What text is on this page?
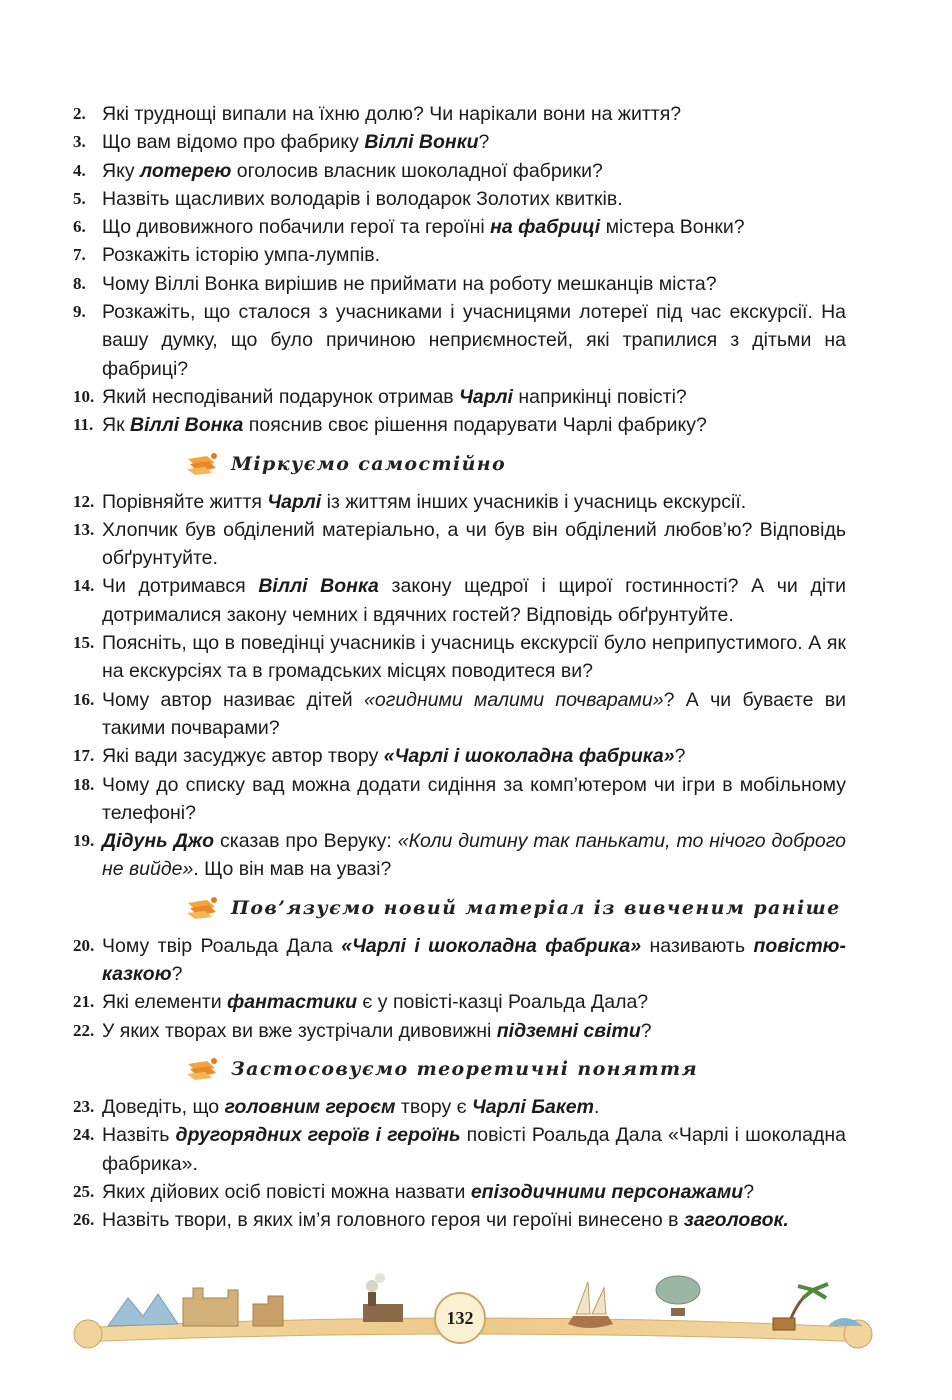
2. Які труднощі випали на їхню долю? Чи нарікали вони на життя?
3. Що вам відомо про фабрику Віллі Вонки?
4. Яку лотерею оголосив власник шоколадної фабрики?
5. Назвіть щасливих володарів і володарок Золотих квитків.
6. Що дивовижного побачили герої та героїні на фабриці містера Вонки?
7. Розкажіть історію умпа-лумпів.
8. Чому Віллі Вонка вирішив не приймати на роботу мешканців міста?
9. Розкажіть, що сталося з учасниками і учасницями лотереї під час екскурсії. На вашу думку, що було причиною неприємностей, які трапилися з дітьми на фабриці?
10. Який несподіваний подарунок отримав Чарлі наприкінці повісті?
11. Як Віллі Вонка пояснив своє рішення подарувати Чарлі фабрику?
Міркуємо самостійно
12. Порівняйте життя Чарлі із життям інших учасників і учасниць екскурсії.
13. Хлопчик був обділений матеріально, а чи був він обділений любов’ю? Відповідь обґрунтуйте.
14. Чи дотримався Віллі Вонка закону щедрої і щирої гостинності? А чи діти дотрималися закону чемних і вдячних гостей? Відповідь обґрунтуйте.
15. Поясніть, що в поведінці учасників і учасниць екскурсії було неприпустимого. А як на екскурсіях та в громадських місцях поводитеся ви?
16. Чому автор називає дітей «огидними малими почварами»? А чи буваєте ви такими почварами?
17. Які вади засуджує автор твору «Чарлі і шоколадна фабрика»?
18. Чому до списку вад можна додати сидіння за комп’ютером чи ігри в мобільному телефоні?
19. Дідунь Джо сказав про Веруку: «Коли дитину так панькати, то нічого доброго не вийде». Що він мав на увазі?
Пов’язуємо новий матеріал із вивченим раніше
20. Чому твір Роальда Дала «Чарлі і шоколадна фабрика» називають повістю-казкою?
21. Які елементи фантастики є у повісті-казці Роальда Дала?
22. У яких творах ви вже зустрічали дивовижні підземні світи?
Застосовуємо теоретичні поняття
23. Доведіть, що головним героєм твору є Чарлі Бакет.
24. Назвіть другорядних героїв і героїнь повісті Роальда Дала «Чарлі і шоколадна фабрика».
25. Яких дійових осіб повісті можна назвати епізодичними персонажами?
26. Назвіть твори, в яких ім’я головного героя чи героїні винесено в заголовок.
132
